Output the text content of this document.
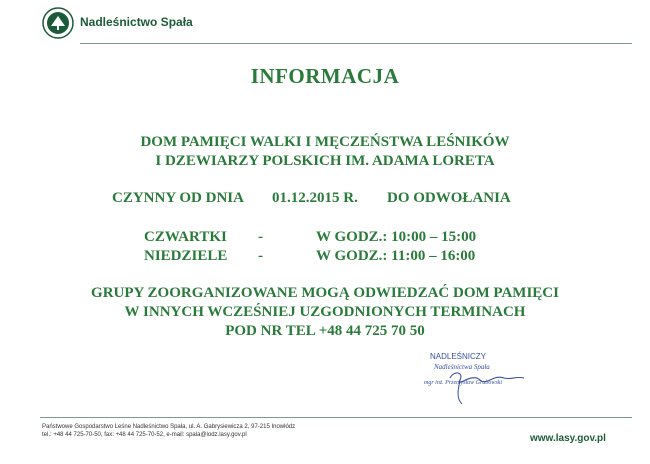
Nadleśnictwo Spała
INFORMACJA
DOM PAMIĘCI WALKI I MĘCZEŃSTWA LEŚNIKÓW
I DZEWIARZY POLSKICH IM. ADAMA LORETA
CZYNNY OD DNIA 01.12.2015 R. DO ODWOŁANIA
CZWARTKI -	W GODZ.: 10:00 – 15:00
NIEDZIELE -	W GODZ.: 11:00 – 16:00
GRUPY ZOORGANIZOWANE MOGĄ ODWIEDZAĆ DOM PAMIĘCI
W INNYCH WCZEŚNIEJ UZGODNIONYCH TERMINACH
POD NR TEL +48 44 725 70 50
NADLEŚNICZY
Nadleśnictwa Spała
mgr inż. Przemysław Grabowski
Państwowe Gospodarstwo Leśne Nadleśnictwo Spała, ul. A. Gabrysiewicza 2, 97-215 Inowłódz
tel.: +48 44 725-70-50, fax: +48 44 725-70-52, e-mail: spala@lodz.lasy.gov.pl	www.lasy.gov.pl
